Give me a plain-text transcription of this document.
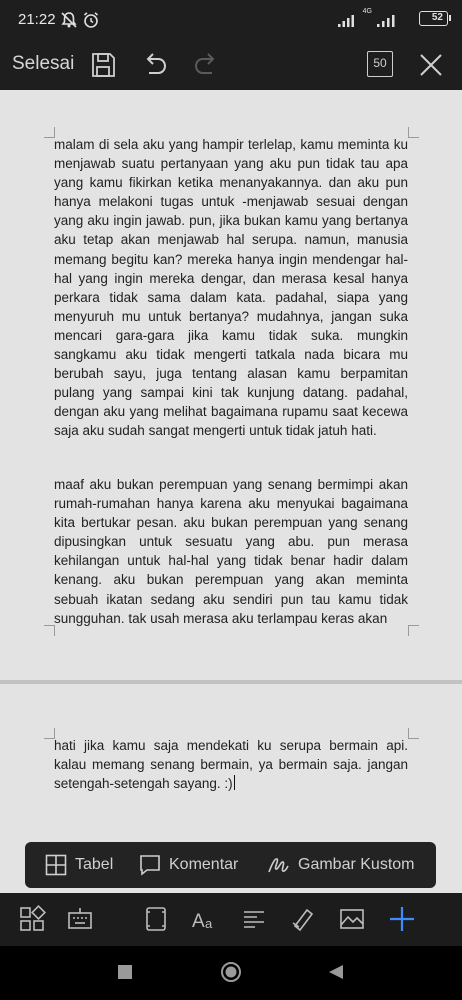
21:22	4G
52
Selesai	50

malam di sela aku yang hampir terlelap, kamu meminta ku menjawab suatu pertanyaan yang aku pun tidak tau apa yang kamu fikirkan ketika menanyakannya. dan aku pun hanya melakoni tugas untuk -menjawab sesuai dengan yang aku ingin jawab. pun, jika bukan kamu yang bertanya aku tetap akan menjawab hal serupa. namun, manusia memang begitu kan? mereka hanya ingin mendengar hal-hal yang ingin mereka dengar, dan merasa kesal hanya perkara tidak sama dalam kata. padahal, siapa yang menyuruh mu untuk bertanya? mudahnya, jangan suka mencari gara-gara jika kamu tidak suka. mungkin sangkamu aku tidak mengerti tatkala nada bicara mu berubah sayu, juga tentang alasan kamu berpamitan pulang yang sampai kini tak kunjung datang. padahal, dengan aku yang melihat bagaimana rupamu saat kecewa saja aku sudah sangat mengerti untuk tidak jatuh hati.

maaf aku bukan perempuan yang senang bermimpi akan rumah-rumahan hanya karena aku menyukai bagaimana kita bertukar pesan. aku bukan perempuan yang senang dipusingkan untuk sesuatu yang abu. pun merasa kehilangan untuk hal-hal yang tidak benar hadir dalam kenang. aku bukan perempuan yang akan meminta sebuah ikatan sedang aku sendiri pun tau kamu tidak sungguhan. tak usah merasa aku terlampau keras akan

hati jika kamu saja mendekati ku serupa bermain api. kalau memang senang bermain, ya bermain saja. jangan setengah-setengah sayang. :)

Tabel	Komentar	Gambar Kustom
A a
